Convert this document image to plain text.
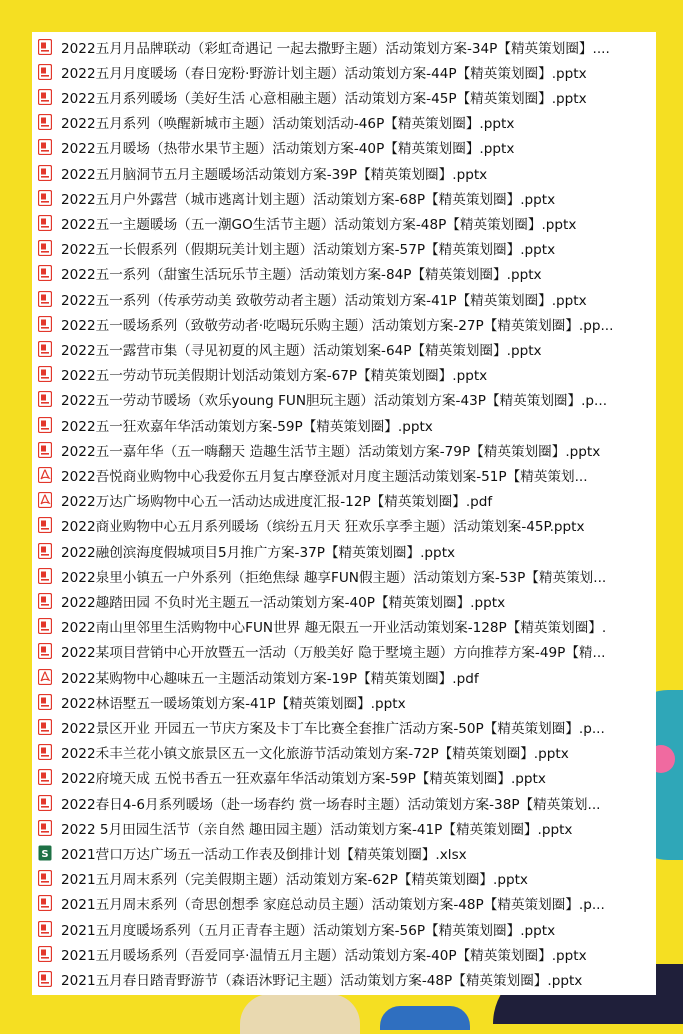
2022五月月品牌联动（彩虹奇遇记 一起去撒野主题）活动策划方案-34P【精英策划圈】....
2022五月月度暖场（春日宠粉·野游计划主题）活动策划方案-44P【精英策划圈】.pptx
2022五月系列暖场（美好生活 心意相融主题）活动策划方案-45P【精英策划圈】.pptx
2022五月系列（唤醒新城市主题）活动策划活动-46P【精英策划圈】.pptx
2022五月暖场（热带水果节主题）活动策划方案-40P【精英策划圈】.pptx
2022五月脑洞节五月主题暖场活动策划方案-39P【精英策划圈】.pptx
2022五月户外露营（城市逃离计划主题）活动策划方案-68P【精英策划圈】.pptx
2022五一主题暖场（五一潮GO生活节主题）活动策划方案-48P【精英策划圈】.pptx
2022五一长假系列（假期玩美计划主题）活动策划方案-57P【精英策划圈】.pptx
2022五一系列（甜蜜生活玩乐节主题）活动策划方案-84P【精英策划圈】.pptx
2022五一系列（传承劳动美 致敬劳动者主题）活动策划方案-41P【精英策划圈】.pptx
2022五一暖场系列（致敬劳动者·吃喝玩乐购主题）活动策划方案-27P【精英策划圈】.pp...
2022五一露营市集（寻见初夏的风主题）活动策划案-64P【精英策划圈】.pptx
2022五一劳动节玩美假期计划活动策划方案-67P【精英策划圈】.pptx
2022五一劳动节暖场（欢乐young FUN胆玩主题）活动策划方案-43P【精英策划圈】.p...
2022五一狂欢嘉年华活动策划方案-59P【精英策划圈】.pptx
2022五一嘉年华（五一嗨翻天 造趣生活节主题）活动策划方案-79P【精英策划圈】.pptx
2022吾悦商业购物中心我爱你五月复古摩登派对月度主题活动策划案-51P【精英策划...
2022万达广场购物中心五一活动达成进度汇报-12P【精英策划圈】.pdf
2022商业购物中心五月系列暖场（缤纷五月天 狂欢乐享季主题）活动策划案-45P.pptx
2022融创滨海度假城项目5月推广方案-37P【精英策划圈】.pptx
2022泉里小镇五一户外系列（拒绝焦绿 趣享FUN假主题）活动策划方案-53P【精英策划...
2022趣踏田园 不负时光主题五一活动策划方案-40P【精英策划圈】.pptx
2022南山里邻里生活购物中心FUN世界 趣无限五一开业活动策划案-128P【精英策划圈】.
2022某项目营销中心开放暨五一活动（万般美好 隐于墅境主题）方向推荐方案-49P【精...
2022某购物中心趣味五一主题活动策划方案-19P【精英策划圈】.pdf
2022林语墅五一暖场策划方案-41P【精英策划圈】.pptx
2022景区开业 开园五一节庆方案及卡丁车比赛全套推广活动方案-50P【精英策划圈】.p...
2022禾丰兰花小镇文旅景区五一文化旅游节活动策划方案-72P【精英策划圈】.pptx
2022府境天成 五悦书香五一狂欢嘉年华活动策划方案-59P【精英策划圈】.pptx
2022春日4-6月系列暖场（赴一场春约 赏一场春时主题）活动策划方案-38P【精英策划...
2022 5月田园生活节（亲自然 趣田园主题）活动策划方案-41P【精英策划圈】.pptx
S 2021营口万达广场五一活动工作表及倒排计划【精英策划圈】.xlsx
2021五月周末系列（完美假期主题）活动策划方案-62P【精英策划圈】.pptx
2021五月周末系列（奇思创想季 家庭总动员主题）活动策划方案-48P【精英策划圈】.p...
2021五月度暖场系列（五月正青春主题）活动策划方案-56P【精英策划圈】.pptx
2021五月暖场系列（吾爱同享·温情五月主题）活动策划方案-40P【精英策划圈】.pptx
2021五月春日踏青野游节（森语沐野记主题）活动策划方案-48P【精英策划圈】.pptx
